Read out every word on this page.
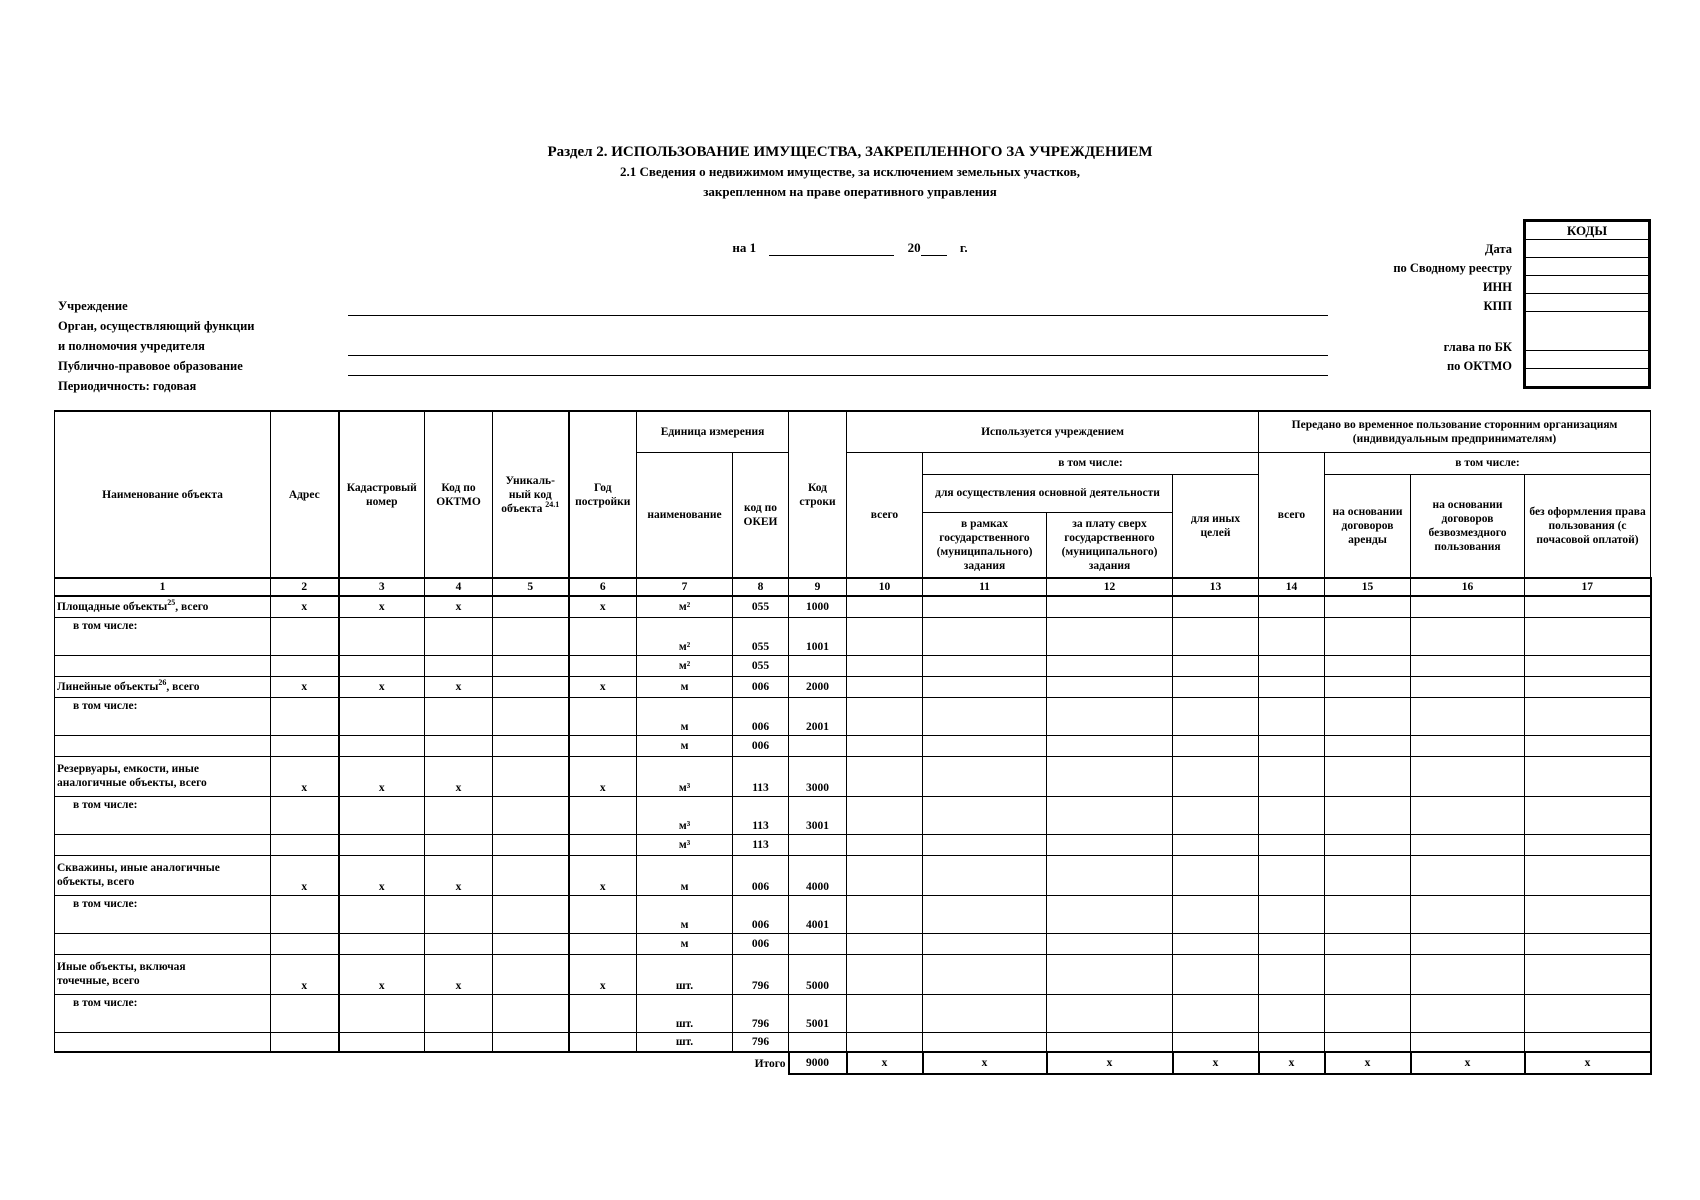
Раздел 2. ИСПОЛЬЗОВАНИЕ ИМУЩЕСТВА, ЗАКРЕПЛЕННОГО ЗА УЧРЕЖДЕНИЕМ
2.1 Сведения о недвижимом имуществе, за исключением земельных участков,
закрепленном на праве оперативного управления
на 1	20	г.
Учреждение
Орган, осуществляющий функции
и полномочия учредителя
Публично-правовое образование
Периодичность: годовая
Дата
по Сводному реестру
ИНН
КПП
глава по БК
по ОКТМО
КОДЫ

Наименование объекта	Адрес	Кадастровый номер	Код по ОКТМО	Уникаль-ный код объекта $^{24.1}$	Год постройки	Единица измерения		Код строки	Используется учреждением				Передано во временное пользование сторонним организациям (индивидуальным предпринимателям)			
						наименование	код по ОКЕИ		всего	в том числе:			всего	в том числе:		
										для осуществления основной деятельности		для иных целей		на основании договоров аренды	на основании договоров безвозмездного пользования	без оформления права пользования (с почасовой оплатой)
										в рамках государственного (муниципального) задания	за плату сверх государственного (муниципального) задания					
1	2	3	4	5	6	7	8	9	10	11	12	13	14	15	16	17
Площадные объекты$^{25}$, всего	x	x	x		x	м²	055	1000								
в том числе:						м²	055	1001								
						м²	055									
Линейные объекты$^{26}$, всего	x	x	x		x	м	006	2000								
в том числе:						м	006	2001								
						м	006									

Резервуары, емкости, иные
аналогичные объекты, всего	x	x	x		x	м³	113	3000								
в том числе:						м³	113	3001								
						м³	113									

Скважины, иные аналогичные
объекты, всего	x	x	x		x	м	006	4000								
в том числе:						м	006	4001								
						м	006									

Иные объекты, включая
точечные, всего	x	x	x		x	шт.	796	5000								
в том числе:						шт.	796	5001								
						шт.	796									
							Итого	9000	x	x	x	x	x	x	x	x
